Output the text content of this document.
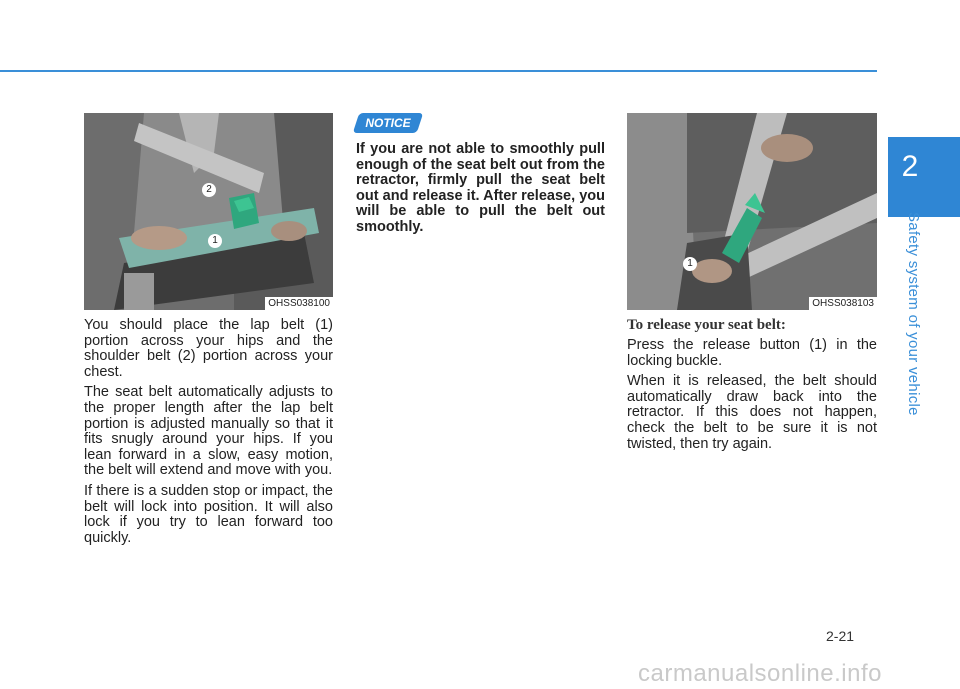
2
Safety system of your vehicle
2
1
OHSS038100

You should place the lap belt (1) portion across your hips and the shoulder belt (2) portion across your chest.

The seat belt automatically adjusts to the proper length after the lap belt portion is adjusted manually so that it fits snugly around your hips. If you lean forward in a slow, easy motion, the belt will extend and move with you.

If there is a sudden stop or impact, the belt will lock into position. It will also lock if you try to lean forward too quickly.

NOTICE

If you are not able to smoothly pull enough of the seat belt out from the retractor, firmly pull the seat belt out and release it. After release, you will be able to pull the belt out smoothly.

1
OHSS038103
To release your seat belt:

Press the release button (1) in the locking buckle.

When it is released, the belt should automatically draw back into the retractor. If this does not happen, check the belt to be sure it is not twisted, then try again.

2-21
carmanualsonline.info
